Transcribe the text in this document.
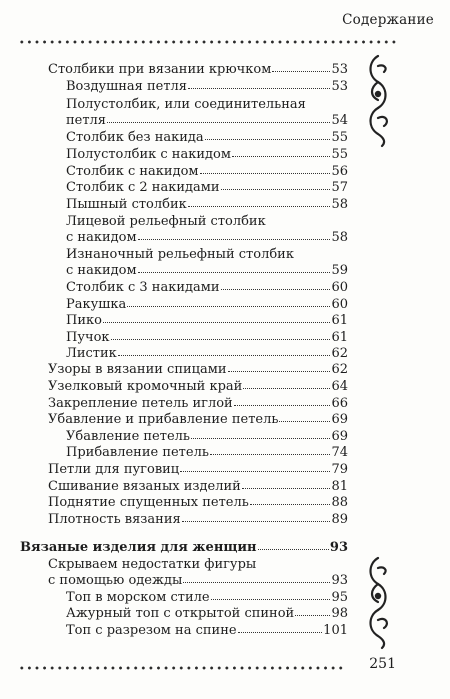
Содержание
Столбики при вязании крючком	53
Воздушная петля	53
Полустолбик, или соединительная
петля	54
Столбик без накида	55
Полустолбик с накидом	55
Столбик с накидом	56
Столбик с 2 накидами	57
Пышный столбик	58
Лицевой рельефный столбик
с накидом	58
Изнаночный рельефный столбик
с накидом	59
Столбик с 3 накидами	60
Ракушка	60
Пико	61
Пучок	61
Листик	62
Узоры в вязании спицами	62
Узелковый кромочный край	64
Закрепление петель иглой	66
Убавление и прибавление петель	69
Убавление петель	69
Прибавление петель	74
Петли для пуговиц	79
Сшивание вязаных изделий	81
Поднятие спущенных петель	88
Плотность вязания	89
Вязаные изделия для женщин	93
Скрываем недостатки фигуры
с помощью одежды	93
Топ в морском стиле	95
Ажурный топ с открытой спиной	98
Топ с разрезом на спине	101
251
